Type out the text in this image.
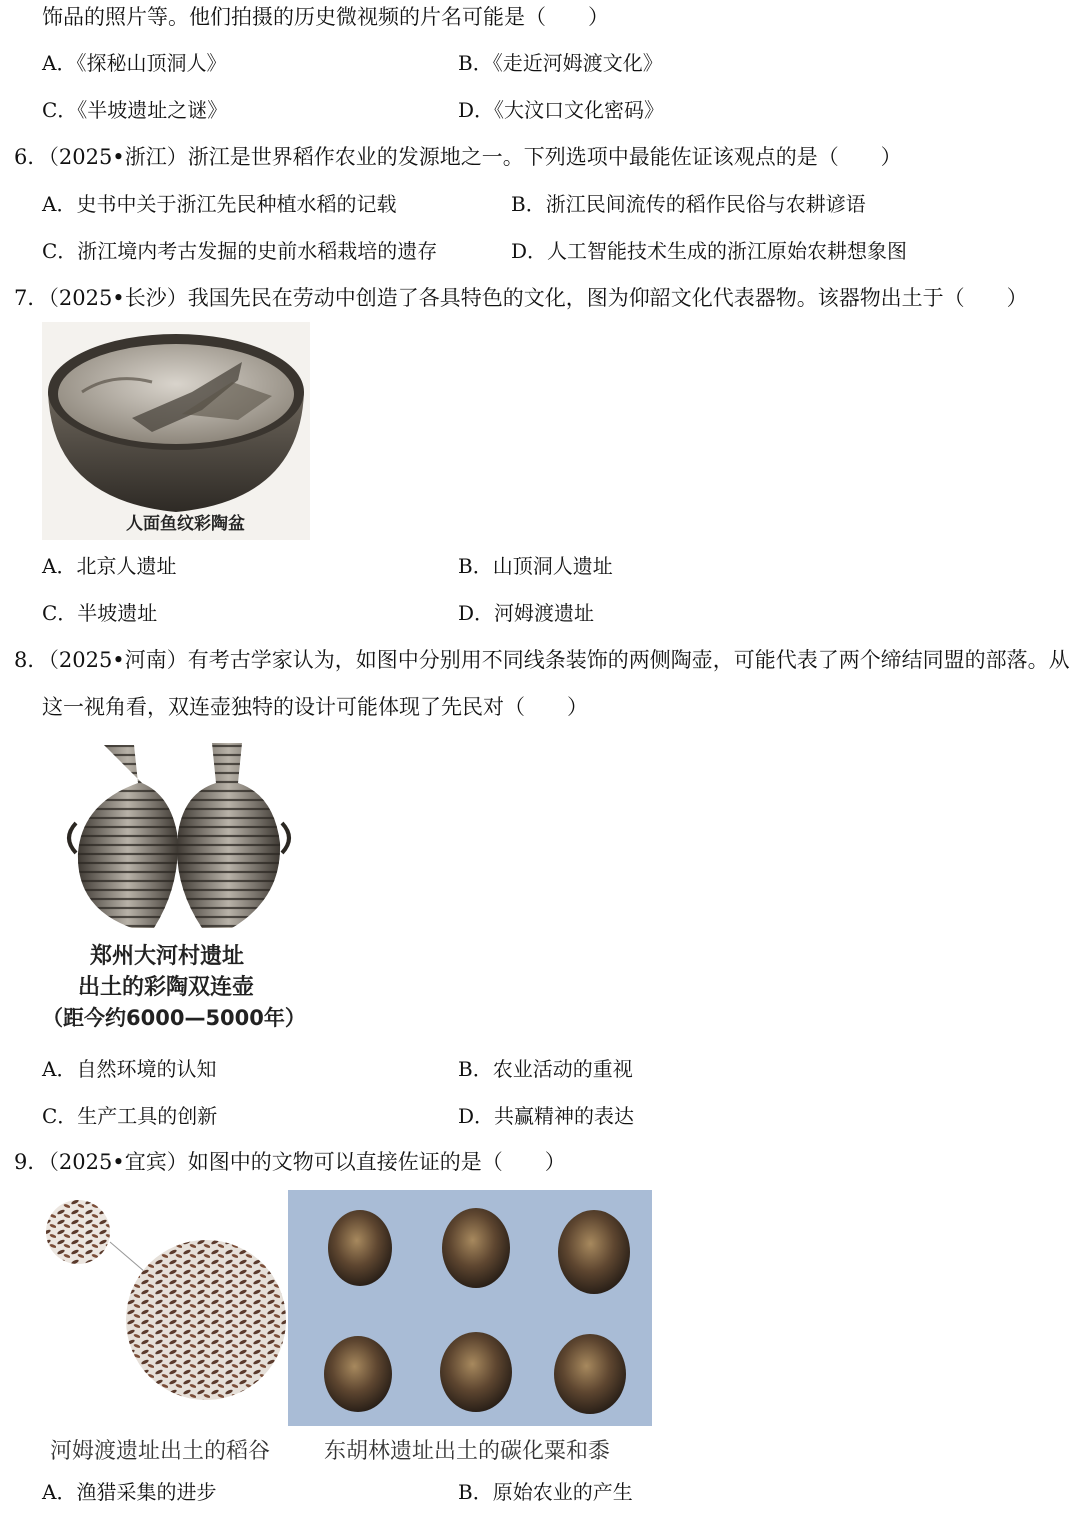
饰品的照片等。他们拍摄的历史微视频的片名可能是（　　）
A．《探秘山顶洞人》	B．《走近河姆渡文化》
C．《半坡遗址之谜》	D．《大汶口文化密码》
6．（2025•浙江）浙江是世界稻作农业的发源地之一。下列选项中最能佐证该观点的是（　　）
A．史书中关于浙江先民种植水稻的记载	B．浙江民间流传的稻作民俗与农耕谚语
C．浙江境内考古发掘的史前水稻栽培的遗存	D．人工智能技术生成的浙江原始农耕想象图
7．（2025•长沙）我国先民在劳动中创造了各具特色的文化，图为仰韶文化代表器物。该器物出土于（　　）
人面鱼纹彩陶盆
A．北京人遗址	B．山顶洞人遗址
C．半坡遗址	D．河姆渡遗址
8．（2025•河南）有考古学家认为，如图中分别用不同线条装饰的两侧陶壶，可能代表了两个缔结同盟的部落。从
这一视角看，双连壶独特的设计可能体现了先民对（　　）
郑州大河村遗址
出土的彩陶双连壶
（距今约6000—5000年）
A．自然环境的认知	B．农业活动的重视
C．生产工具的创新	D．共赢精神的表达
9．（2025•宜宾）如图中的文物可以直接佐证的是（　　）
河姆渡遗址出土的稻谷 东胡林遗址出土的碳化粟和黍
A．渔猎采集的进步	B．原始农业的产生
